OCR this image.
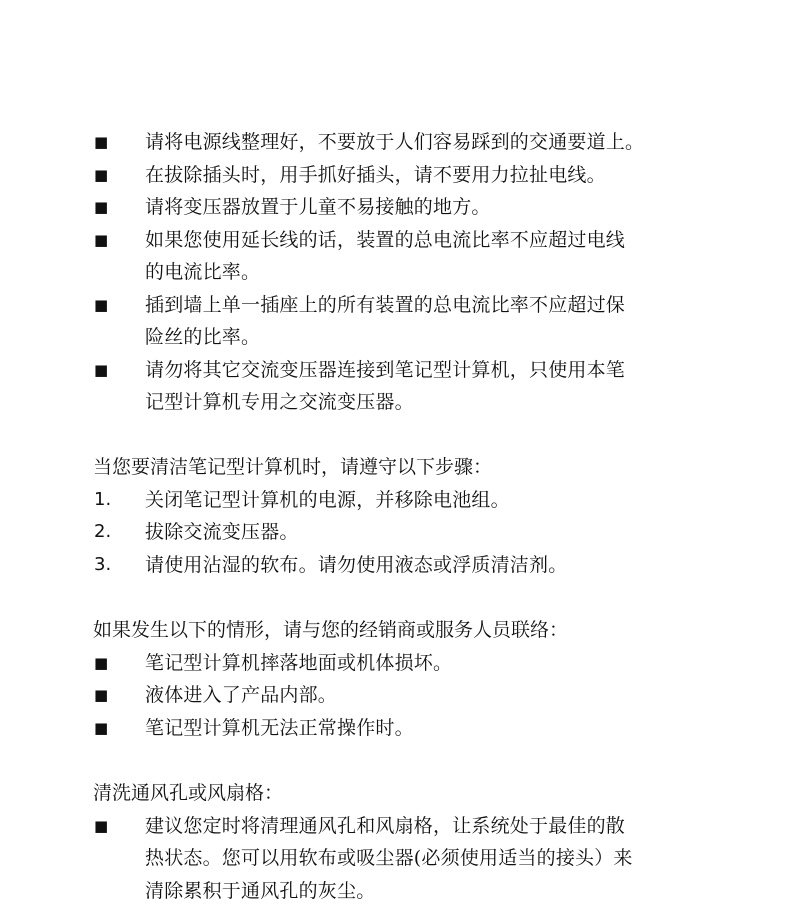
■	请将电源线整理好，不要放于人们容易踩到的交通要道上。
■	在拔除插头时，用手抓好插头，请不要用力拉扯电线。
■	请将变压器放置于儿童不易接触的地方。
■	如果您使用延长线的话，装置的总电流比率不应超过电线
的电流比率。
■	插到墙上单一插座上的所有装置的总电流比率不应超过保
险丝的比率。
■	请勿将其它交流变压器连接到笔记型计算机，只使用本笔
记型计算机专用之交流变压器。
当您要清洁笔记型计算机时，请遵守以下步骤：
1.	关闭笔记型计算机的电源，并移除电池组。
2.	拔除交流变压器。
3.	请使用沾湿的软布。请勿使用液态或浮质清洁剂。
如果发生以下的情形，请与您的经销商或服务人员联络：
■	笔记型计算机摔落地面或机体损坏。
■	液体进入了产品内部。
■	笔记型计算机无法正常操作时。
清洗通风孔或风扇格：
■	建议您定时将清理通风孔和风扇格，让系统处于最佳的散
热状态。您可以用软布或吸尘器(必须使用适当的接头）来
清除累积于通风孔的灰尘。
